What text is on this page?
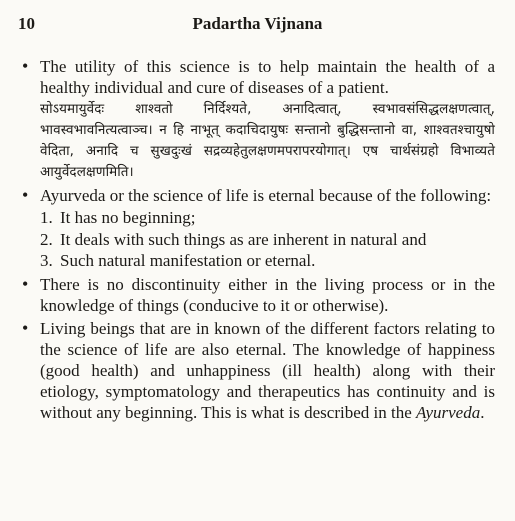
10	Padartha Vijnana
• The utility of this science is to help maintain the health of a healthy individual and cure of diseases of a patient.
सोऽयमायुर्वेदः शाश्वतो निर्दिश्यते, अनादित्वात्, स्वभावसंसिद्धलक्षणत्वात्, भावस्वभावनित्यत्वाञ्च। न हि नाभूत् कदाचिदायुषः सन्तानो बुद्धिसन्तानो वा, शाश्वतश्चायुषो वेदिता, अनादि च सुखदुःखं सद्रव्यहेतुलक्षणमपरापरयोगात्। एष चार्थसंग्रहो विभाव्यते आयुर्वेदलक्षणमिति।
• Ayurveda or the science of life is eternal because of the following:
1. It has no beginning;
2. It deals with such things as are inherent in natural and
3. Such natural manifestation or eternal.
• There is no discontinuity either in the living process or in the knowledge of things (conducive to it or otherwise).
• Living beings that are in known of the different factors relating to the science of life are also eternal. The knowledge of happiness (good health) and unhappiness (ill health) along with their etiology, symptomatology and therapeutics has continuity and is without any beginning. This is what is described in the Ayurveda.
